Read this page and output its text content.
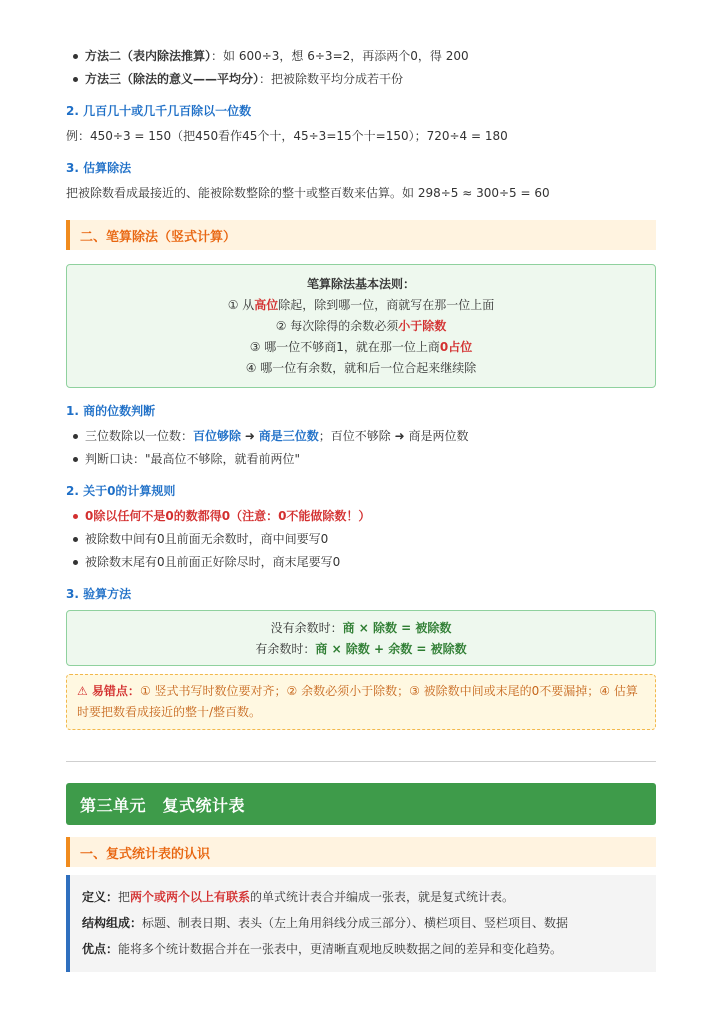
方法二（表内除法推算）：如 600÷3，想 6÷3=2，再添两个0，得 200
方法三（除法的意义——平均分）：把被除数平均分成若干份
2. 几百几十或几千几百除以一位数

例：450÷3 = 150（把450看作45个十，45÷3=15个十=150）；720÷4 = 180

3. 估算除法

把被除数看成最接近的、能被除数整除的整十或整百数来估算。如 298÷5 ≈ 300÷5 = 60

二、笔算除法（竖式计算）
笔算除法基本法则：
① 从高位除起，除到哪一位，商就写在那一位上面
② 每次除得的余数必须小于除数
③ 哪一位不够商1，就在那一位上商0占位
④ 哪一位有余数，就和后一位合起来继续除
1. 商的位数判断
三位数除以一位数：百位够除 ➜ 商是三位数；百位不够除 ➜ 商是两位数
判断口诀："最高位不够除，就看前两位"
2. 关于0的计算规则
0除以任何不是0的数都得0（注意：0不能做除数！）
被除数中间有0且前面无余数时，商中间要写0
被除数末尾有0且前面正好除尽时，商末尾要写0
3. 验算方法
没有余数时：商 × 除数 = 被除数
有余数时：商 × 除数 + 余数 = 被除数
⚠ 易错点：① 竖式书写时数位要对齐；② 余数必须小于除数；③ 被除数中间或末尾的0不要漏掉；④ 估算时要把数看成接近的整十/整百数。
第三单元　复式统计表
一、复式统计表的认识
定义：把两个或两个以上有联系的单式统计表合并编成一张表，就是复式统计表。
结构组成：标题、制表日期、表头（左上角用斜线分成三部分）、横栏项目、竖栏项目、数据
优点：能将多个统计数据合并在一张表中，更清晰直观地反映数据之间的差异和变化趋势。
